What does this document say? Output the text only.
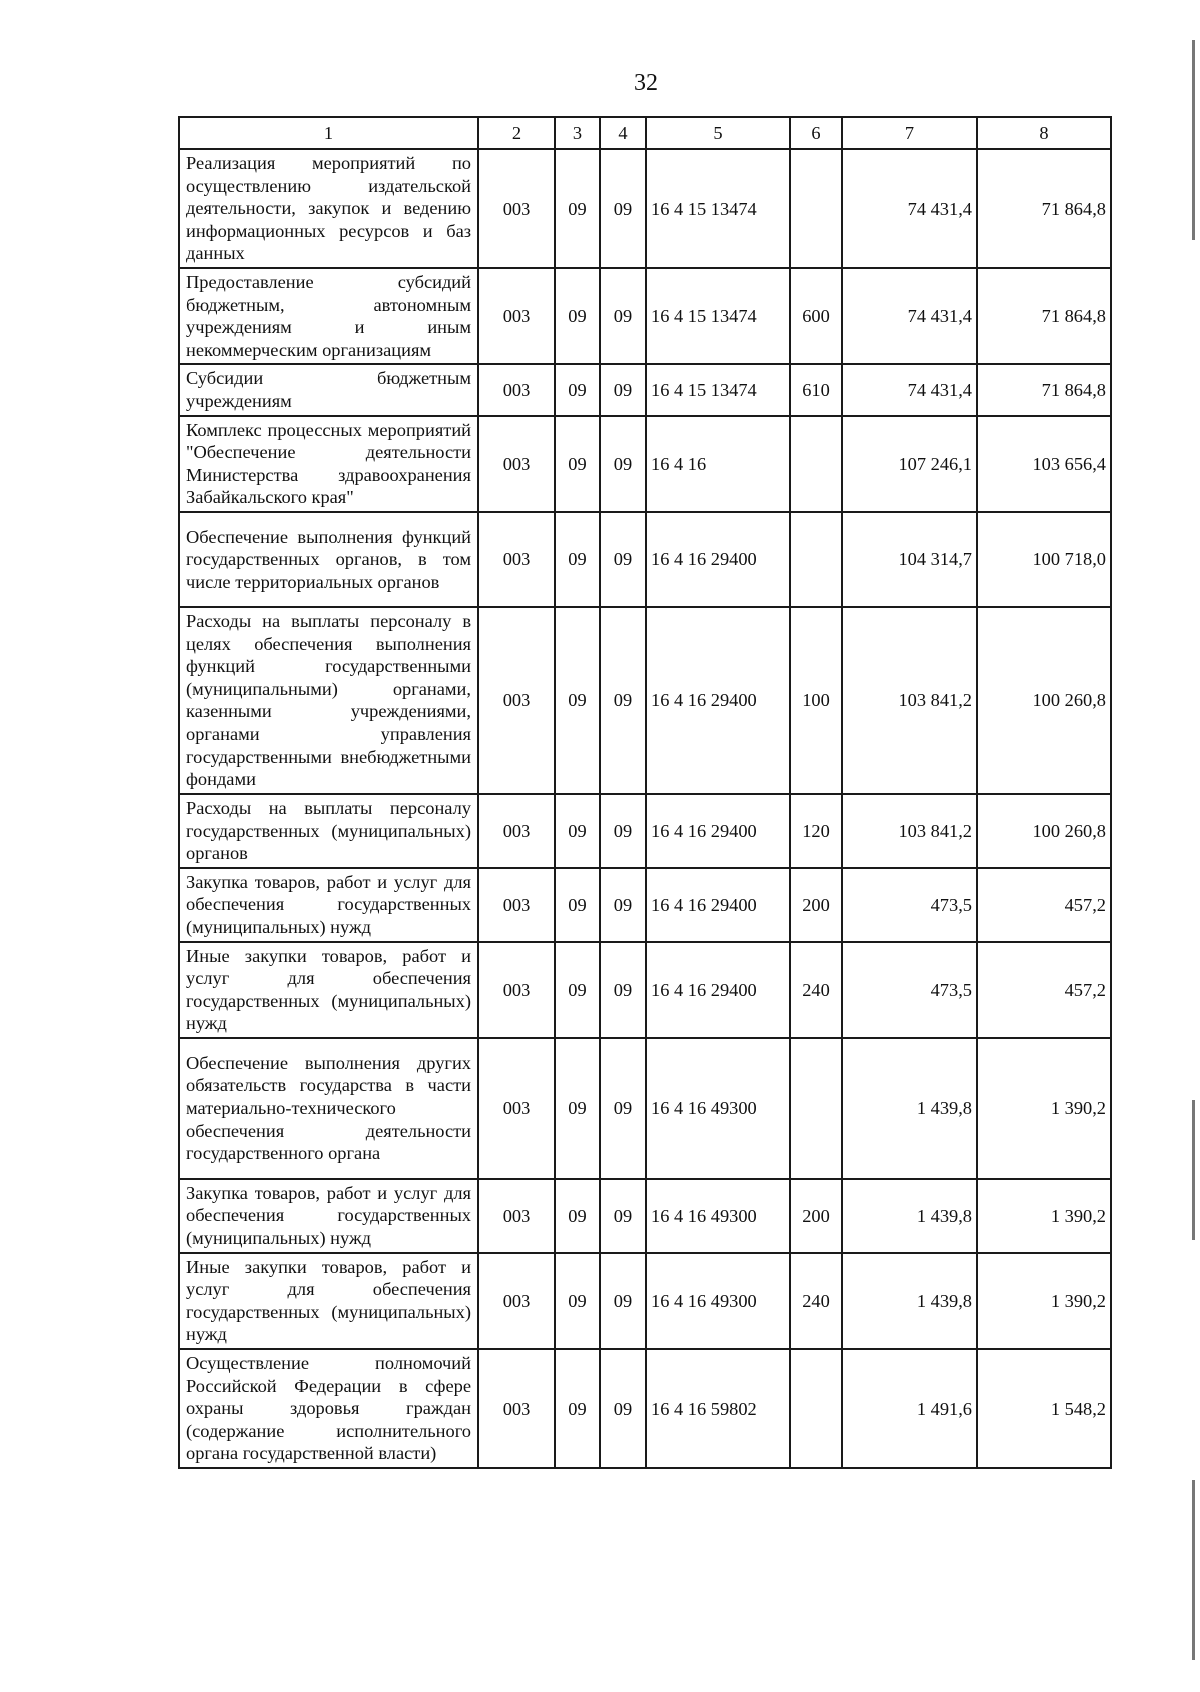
32
1	2	3	4	5	6	7	8
Реализация мероприятий по осуществлению издательской деятельности, закупок и ведению информационных ресурсов и баз данных	003	09	09	16 4 15 13474		74 431,4	71 864,8
Предоставление субсидий бюджетным, автономным учреждениям и иным некоммерческим организациям	003	09	09	16 4 15 13474	600	74 431,4	71 864,8
Субсидии бюджетным учреждениям	003	09	09	16 4 15 13474	610	74 431,4	71 864,8
Комплекс процессных мероприятий "Обеспечение деятельности Министерства здравоохранения Забайкальского края"	003	09	09	16 4 16		107 246,1	103 656,4
Обеспечение выполнения функций государственных органов, в том числе территориальных органов	003	09	09	16 4 16 29400		104 314,7	100 718,0
Расходы на выплаты персоналу в целях обеспечения выполнения функций государственными (муниципальными) органами, казенными учреждениями, органами управления государственными внебюджетными фондами	003	09	09	16 4 16 29400	100	103 841,2	100 260,8
Расходы на выплаты персоналу государственных (муниципальных) органов	003	09	09	16 4 16 29400	120	103 841,2	100 260,8
Закупка товаров, работ и услуг для обеспечения государственных (муниципальных) нужд	003	09	09	16 4 16 29400	200	473,5	457,2
Иные закупки товаров, работ и услуг для обеспечения государственных (муниципальных) нужд	003	09	09	16 4 16 29400	240	473,5	457,2
Обеспечение выполнения других обязательств государства в части материально-технического обеспечения деятельности государственного органа	003	09	09	16 4 16 49300		1 439,8	1 390,2
Закупка товаров, работ и услуг для обеспечения государственных (муниципальных) нужд	003	09	09	16 4 16 49300	200	1 439,8	1 390,2
Иные закупки товаров, работ и услуг для обеспечения государственных (муниципальных) нужд	003	09	09	16 4 16 49300	240	1 439,8	1 390,2
Осуществление полномочий Российской Федерации в сфере охраны здоровья граждан (содержание исполнительного органа государственной власти)	003	09	09	16 4 16 59802		1 491,6	1 548,2
